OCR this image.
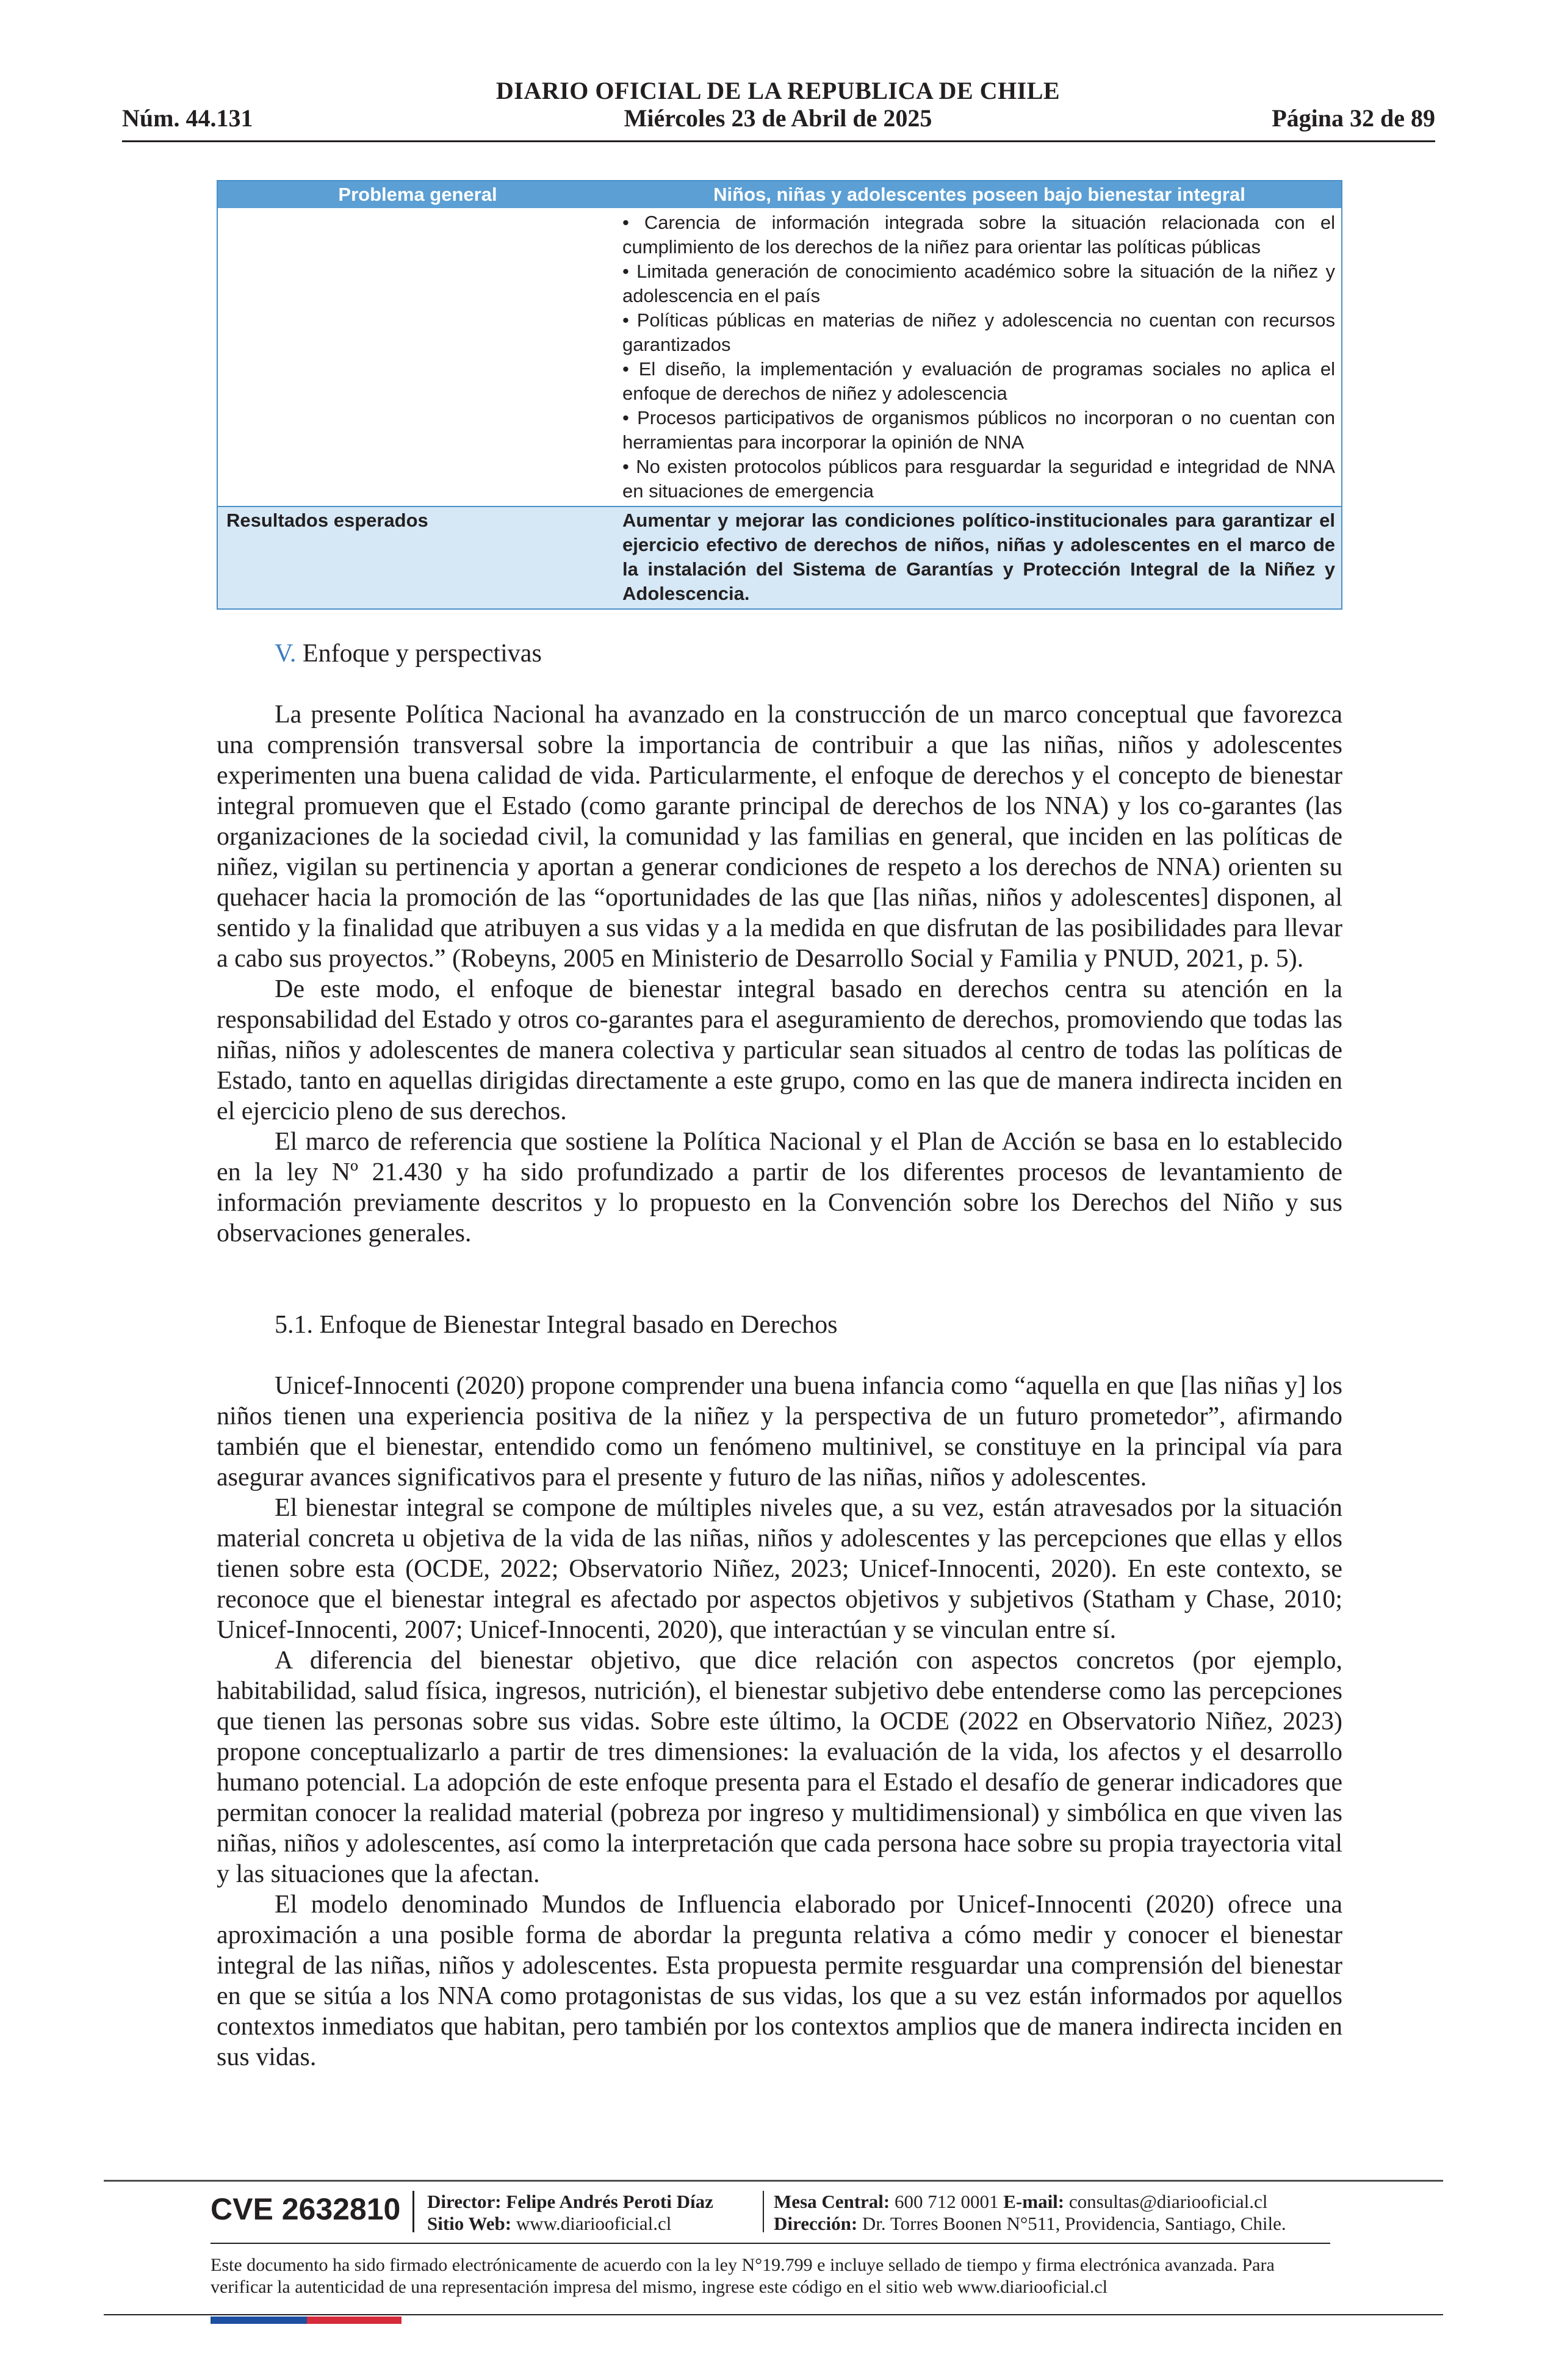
DIARIO OFICIAL DE LA REPUBLICA DE CHILE
Núm. 44.131	Miércoles 23 de Abril de 2025	Página 32 de 89
Problema general	Niños, niñas y adolescentes poseen bajo bienestar integral

• Carencia de información integrada sobre la situación relacionada con el cumplimiento de los derechos de la niñez para orientar las políticas públicas

• Limitada generación de conocimiento académico sobre la situación de la niñez y adolescencia en el país

• Políticas públicas en materias de niñez y adolescencia no cuentan con recursos garantizados

• El diseño, la implementación y evaluación de programas sociales no aplica el enfoque de derechos de niñez y adolescencia

• Procesos participativos de organismos públicos no incorporan o no cuentan con herramientas para incorporar la opinión de NNA

• No existen protocolos públicos para resguardar la seguridad e integridad de NNA en situaciones de emergencia

Resultados esperados	Aumentar y mejorar las condiciones político-institucionales para garantizar el ejercicio efectivo de derechos de niños, niñas y adolescentes en el marco de la instalación del Sistema de Garantías y Protección Integral de la Niñez y Adolescencia.
V. Enfoque y perspectivas

La presente Política Nacional ha avanzado en la construcción de un marco conceptual que favorezca una comprensión transversal sobre la importancia de contribuir a que las niñas, niños y adolescentes experimenten una buena calidad de vida. Particularmente, el enfoque de derechos y el concepto de bienestar integral promueven que el Estado (como garante principal de derechos de los NNA) y los co-garantes (las organizaciones de la sociedad civil, la comunidad y las familias en general, que inciden en las políticas de niñez, vigilan su pertinencia y aportan a generar condiciones de respeto a los derechos de NNA) orienten su quehacer hacia la promoción de las “oportunidades de las que [las niñas, niños y adolescentes] disponen, al sentido y la finalidad que atribuyen a sus vidas y a la medida en que disfrutan de las posibilidades para llevar a cabo sus proyectos.” (Robeyns, 2005 en Ministerio de Desarrollo Social y Familia y PNUD, 2021, p. 5).

De este modo, el enfoque de bienestar integral basado en derechos centra su atención en la responsabilidad del Estado y otros co-garantes para el aseguramiento de derechos, promoviendo que todas las niñas, niños y adolescentes de manera colectiva y particular sean situados al centro de todas las políticas de Estado, tanto en aquellas dirigidas directamente a este grupo, como en las que de manera indirecta inciden en el ejercicio pleno de sus derechos.

El marco de referencia que sostiene la Política Nacional y el Plan de Acción se basa en lo establecido en la ley Nº 21.430 y ha sido profundizado a partir de los diferentes procesos de levantamiento de información previamente descritos y lo propuesto en la Convención sobre los Derechos del Niño y sus observaciones generales.

5.1. Enfoque de Bienestar Integral basado en Derechos

Unicef-Innocenti (2020) propone comprender una buena infancia como “aquella en que [las niñas y] los niños tienen una experiencia positiva de la niñez y la perspectiva de un futuro prometedor”, afirmando también que el bienestar, entendido como un fenómeno multinivel, se constituye en la principal vía para asegurar avances significativos para el presente y futuro de las niñas, niños y adolescentes.

El bienestar integral se compone de múltiples niveles que, a su vez, están atravesados por la situación material concreta u objetiva de la vida de las niñas, niños y adolescentes y las percepciones que ellas y ellos tienen sobre esta (OCDE, 2022; Observatorio Niñez, 2023; Unicef-Innocenti, 2020). En este contexto, se reconoce que el bienestar integral es afectado por aspectos objetivos y subjetivos (Statham y Chase, 2010; Unicef-Innocenti, 2007; Unicef-Innocenti, 2020), que interactúan y se vinculan entre sí.

A diferencia del bienestar objetivo, que dice relación con aspectos concretos (por ejemplo, habitabilidad, salud física, ingresos, nutrición), el bienestar subjetivo debe entenderse como las percepciones que tienen las personas sobre sus vidas. Sobre este último, la OCDE (2022 en Observatorio Niñez, 2023) propone conceptualizarlo a partir de tres dimensiones: la evaluación de la vida, los afectos y el desarrollo humano potencial. La adopción de este enfoque presenta para el Estado el desafío de generar indicadores que permitan conocer la realidad material (pobreza por ingreso y multidimensional) y simbólica en que viven las niñas, niños y adolescentes, así como la interpretación que cada persona hace sobre su propia trayectoria vital y las situaciones que la afectan.

El modelo denominado Mundos de Influencia elaborado por Unicef-Innocenti (2020) ofrece una aproximación a una posible forma de abordar la pregunta relativa a cómo medir y conocer el bienestar integral de las niñas, niños y adolescentes. Esta propuesta permite resguardar una comprensión del bienestar en que se sitúa a los NNA como protagonistas de sus vidas, los que a su vez están informados por aquellos contextos inmediatos que habitan, pero también por los contextos amplios que de manera indirecta inciden en sus vidas.

CVE 2632810 Director: Felipe Andrés Peroti Díaz
Sitio Web: www.diariooficial.cl
Mesa Central: 600 712 0001 E-mail: consultas@diariooficial.cl
Dirección: Dr. Torres Boonen N°511, Providencia, Santiago, Chile.
Este documento ha sido firmado electrónicamente de acuerdo con la ley N°19.799 e incluye sellado de tiempo y firma electrónica avanzada. Para verificar la autenticidad de una representación impresa del mismo, ingrese este código en el sitio web www.diariooficial.cl
